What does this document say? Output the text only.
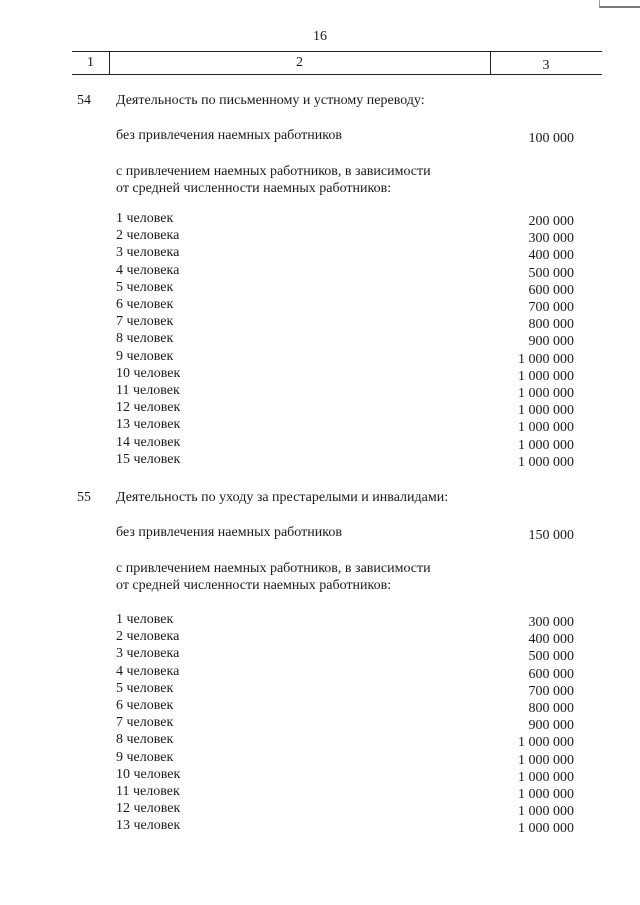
16
1	2	3
54 Деятельность по письменному и устному переводу:
без привлечения наемных работников	100 000
с привлечением наемных работников, в зависимости
от средней численности наемных работников:
1 человек	200 000
2 человека	300 000
3 человека	400 000
4 человека	500 000
5 человек	600 000
6 человек	700 000
7 человек	800 000
8 человек	900 000
9 человек	1 000 000
10 человек	1 000 000
11 человек	1 000 000
12 человек	1 000 000
13 человек	1 000 000
14 человек	1 000 000
15 человек	1 000 000
55 Деятельность по уходу за престарелыми и инвалидами:
без привлечения наемных работников	150 000
с привлечением наемных работников, в зависимости
от средней численности наемных работников:
1 человек	300 000
2 человека	400 000
3 человека	500 000
4 человека	600 000
5 человек	700 000
6 человек	800 000
7 человек	900 000
8 человек	1 000 000
9 человек	1 000 000
10 человек	1 000 000
11 человек	1 000 000
12 человек	1 000 000
13 человек	1 000 000
